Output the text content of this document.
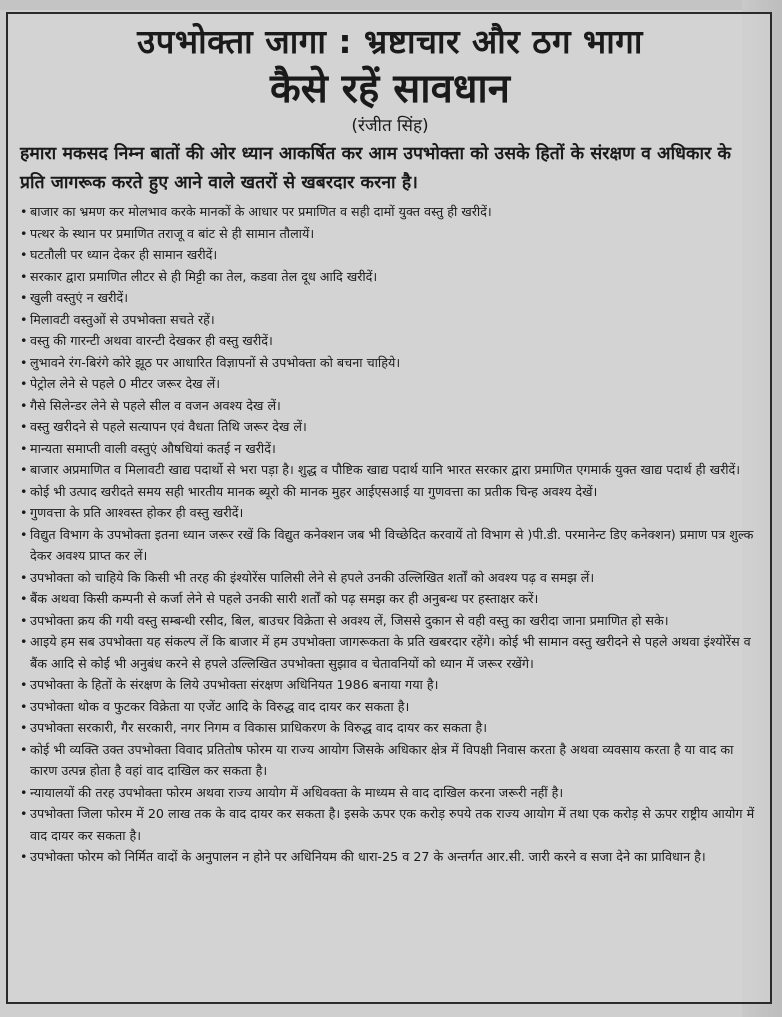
उपभोक्ता जागा : भ्रष्टाचार और ठग भागा
कैसे रहें सावधान

(रंजीत सिंह)

हमारा मकसद निम्न बातों की ओर ध्यान आकर्षित कर आम उपभोक्ता को उसके हितों के संरक्षण व अधिकार के प्रति जागरूक करते हुए आने वाले खतरों से खबरदार करना है।

• बाजार का भ्रमण कर मोलभाव करके मानकों के आधार पर प्रमाणित व सही दामों युक्त वस्तु ही खरीदें।
• पत्थर के स्थान पर प्रमाणित तराजू व बांट से ही सामान तौलायें।
• घटतौली पर ध्यान देकर ही सामान खरीदें।
• सरकार द्वारा प्रमाणित लीटर से ही मिट्टी का तेल, कडवा तेल दूध आदि खरीदें।
• खुली वस्तुएं न खरीदें।
• मिलावटी वस्तुओं से उपभोक्ता सचते रहें।
• वस्तु की गारन्टी अथवा वारन्टी देखकर ही वस्तु खरीदें।
• लुभावने रंग-बिरंगे कोरे झूठ पर आधारित विज्ञापनों से उपभोक्ता को बचना चाहिये।
• पेट्रोल लेने से पहले 0 मीटर जरूर देख लें।
• गैसे सिलेन्डर लेने से पहले सील व वजन अवश्य देख लें।
• वस्तु खरीदने से पहले सत्यापन एवं वैधता तिथि जरूर देख लें।
• मान्यता समाप्ती वाली वस्तुएं औषधियां कतई न खरीदें।
• बाजार अप्रमाणित व मिलावटी खाद्य पदार्थो से भरा पड़ा है। शुद्ध व पौष्टिक खाद्य पदार्थ यानि भारत सरकार द्वारा प्रमाणित एगमार्क युक्त खाद्य पदार्थ ही खरीदें।
• कोई भी उत्पाद खरीदते समय सही भारतीय मानक ब्यूरो की मानक मुहर आईएसआई या गुणवत्ता का प्रतीक चिन्ह अवश्य देखें।
• गुणवत्ता के प्रति आश्वस्त होकर ही वस्तु खरीदें।
• विद्युत विभाग के उपभोक्ता इतना ध्यान जरूर रखें कि विद्युत कनेक्शन जब भी विच्छेदित करवायें तो विभाग से )पी.डी. परमानेन्ट डिए कनेक्शन) प्रमाण पत्र शुल्क देकर अवश्य प्राप्त कर लें।
• उपभोक्ता को चाहिये कि किसी भी तरह की इंश्योरेंस पालिसी लेने से हपले उनकी उल्लिखित शर्तों को अवश्य पढ़ व समझ लें।
• बैंक अथवा किसी कम्पनी से कर्जा लेने से पहले उनकी सारी शर्तों को पढ़ समझ कर ही अनुबन्ध पर हस्ताक्षर करें।
• उपभोक्ता क्रय की गयी वस्तु सम्बन्धी रसीद, बिल, बाउचर विक्रेता से अवश्य लें, जिससे दुकान से वही वस्तु का खरीदा जाना प्रमाणित हो सके।
• आइये हम सब उपभोक्ता यह संकल्प लें कि बाजार में हम उपभोक्ता जागरूकता के प्रति खबरदार रहेंगे। कोई भी सामान वस्तु खरीदने से पहले अथवा इंश्योरेंस व बैंक आदि से कोई भी अनुबंध करने से हपले उल्लिखित उपभोक्ता सुझाव व चेतावनियों को ध्यान में जरूर रखेंगे।
• उपभोक्ता के हितों के संरक्षण के लिये उपभोक्ता संरक्षण अधिनियत 1986 बनाया गया है।
• उपभोक्ता थोक व फुटकर विक्रेता या एजेंट आदि के विरुद्ध वाद दायर कर सकता है।
• उपभोक्ता सरकारी, गैर सरकारी, नगर निगम व विकास प्राधिकरण के विरुद्ध वाद दायर कर सकता है।
• कोई भी व्यक्ति उक्त उपभोक्ता विवाद प्रतितोष फोरम या राज्य आयोग जिसके अधिकार क्षेत्र में विपक्षी निवास करता है अथवा व्यवसाय करता है या वाद का कारण उत्पन्न होता है वहां वाद दाखिल कर सकता है।
• न्यायालयों की तरह उपभोक्ता फोरम अथवा राज्य आयोग में अधिवक्ता के माध्यम से वाद दाखिल करना जरूरी नहीं है।
• उपभोक्ता जिला फोरम में 20 लाख तक के वाद दायर कर सकता है। इसके ऊपर एक करोड़ रुपये तक राज्य आयोग में तथा एक करोड़ से ऊपर राष्ट्रीय आयोग में वाद दायर कर सकता है।
• उपभोक्ता फोरम को निर्मित वादों के अनुपालन न होने पर अधिनियम की धारा-25 व 27 के अन्तर्गत आर.सी. जारी करने व सजा देने का प्राविधान है।
